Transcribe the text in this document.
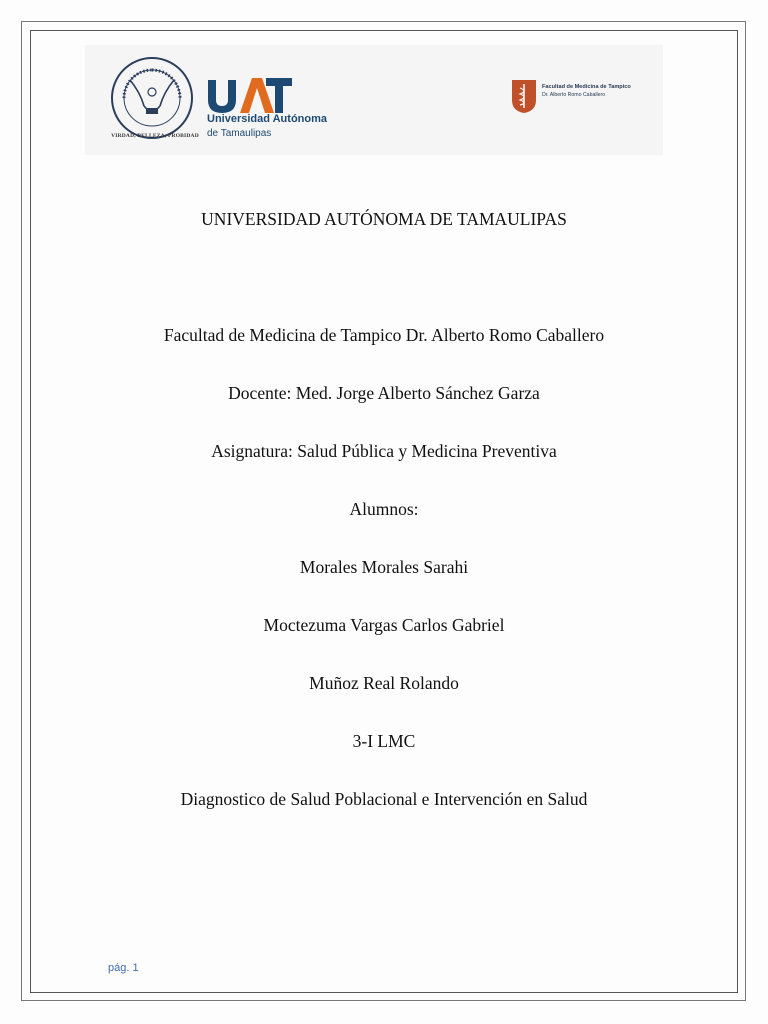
VIRDAD, BELLEZA, PROBIDAD
Universidad Autónoma
de Tamaulipas
Facultad de Medicina de Tampico
Dr. Alberto Romo Caballero
UNIVERSIDAD AUTÓNOMA DE TAMAULIPAS
Facultad de Medicina de Tampico Dr. Alberto Romo Caballero
Docente: Med. Jorge Alberto Sánchez Garza
Asignatura: Salud Pública y Medicina Preventiva
Alumnos:
Morales Morales Sarahi
Moctezuma Vargas Carlos Gabriel
Muñoz Real Rolando
3-I LMC
Diagnostico de Salud Poblacional e Intervención en Salud
pág. 1
